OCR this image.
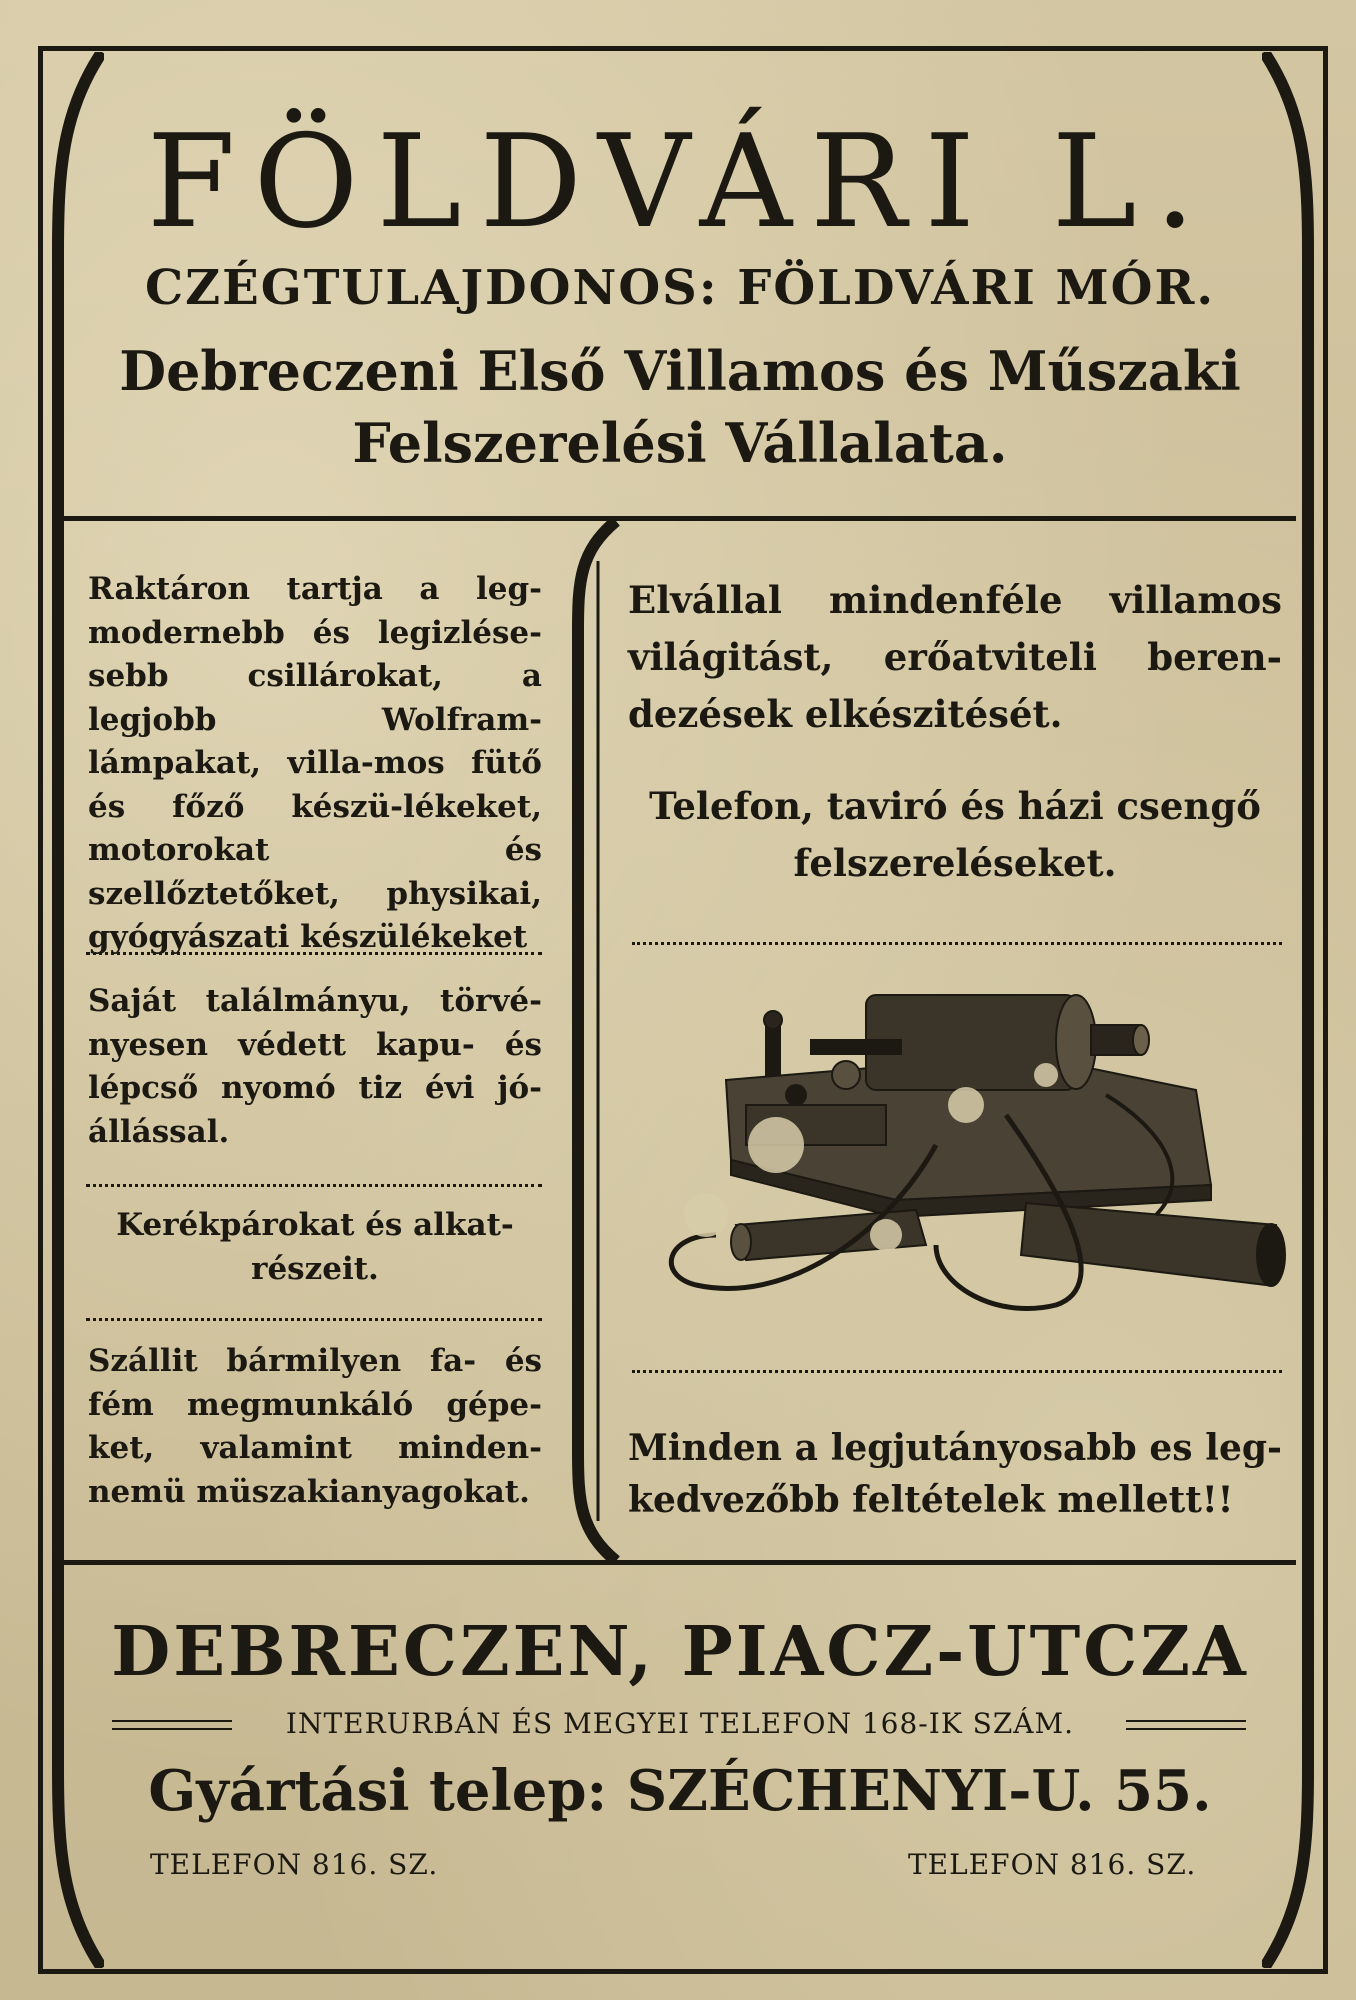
FÖLDVÁRI L.
CZÉGTULAJDONOS: FÖLDVÁRI MÓR.
Debreczeni Első Villamos és Műszaki
Felszerelési Vállalata.
Raktáron tartja a leg-modernebb és legizlése-sebb csillárokat, a legjobb Wolfram-lámpakat, villa-mos fütő és főző készü-lékeket, motorokat és szellőztetőket, physikai, gyógyászati készülékeket
Saját találmányu, törvé-nyesen védett kapu- és lépcső nyomó tiz évi jó-állással.
Kerékpárokat és alkat-részeit.
Szállit bármilyen fa- és fém megmunkáló gépe-ket, valamint minden-nemü müszakianyagokat.
Elvállal mindenféle villamos világitást, erőatviteli beren-dezések elkészitését.
Telefon, taviró és házi csengő felszereléseket.
Minden a legjutányosabb es leg-kedvezőbb feltételek mellett!!
DEBRECZEN, PIACZ-UTCZA
INTERURBÁN ÉS MEGYEI TELEFON 168-IK SZÁM.
Gyártási telep: SZÉCHENYI-U. 55.
TELEFON 816. SZ.	TELEFON 816. SZ.
